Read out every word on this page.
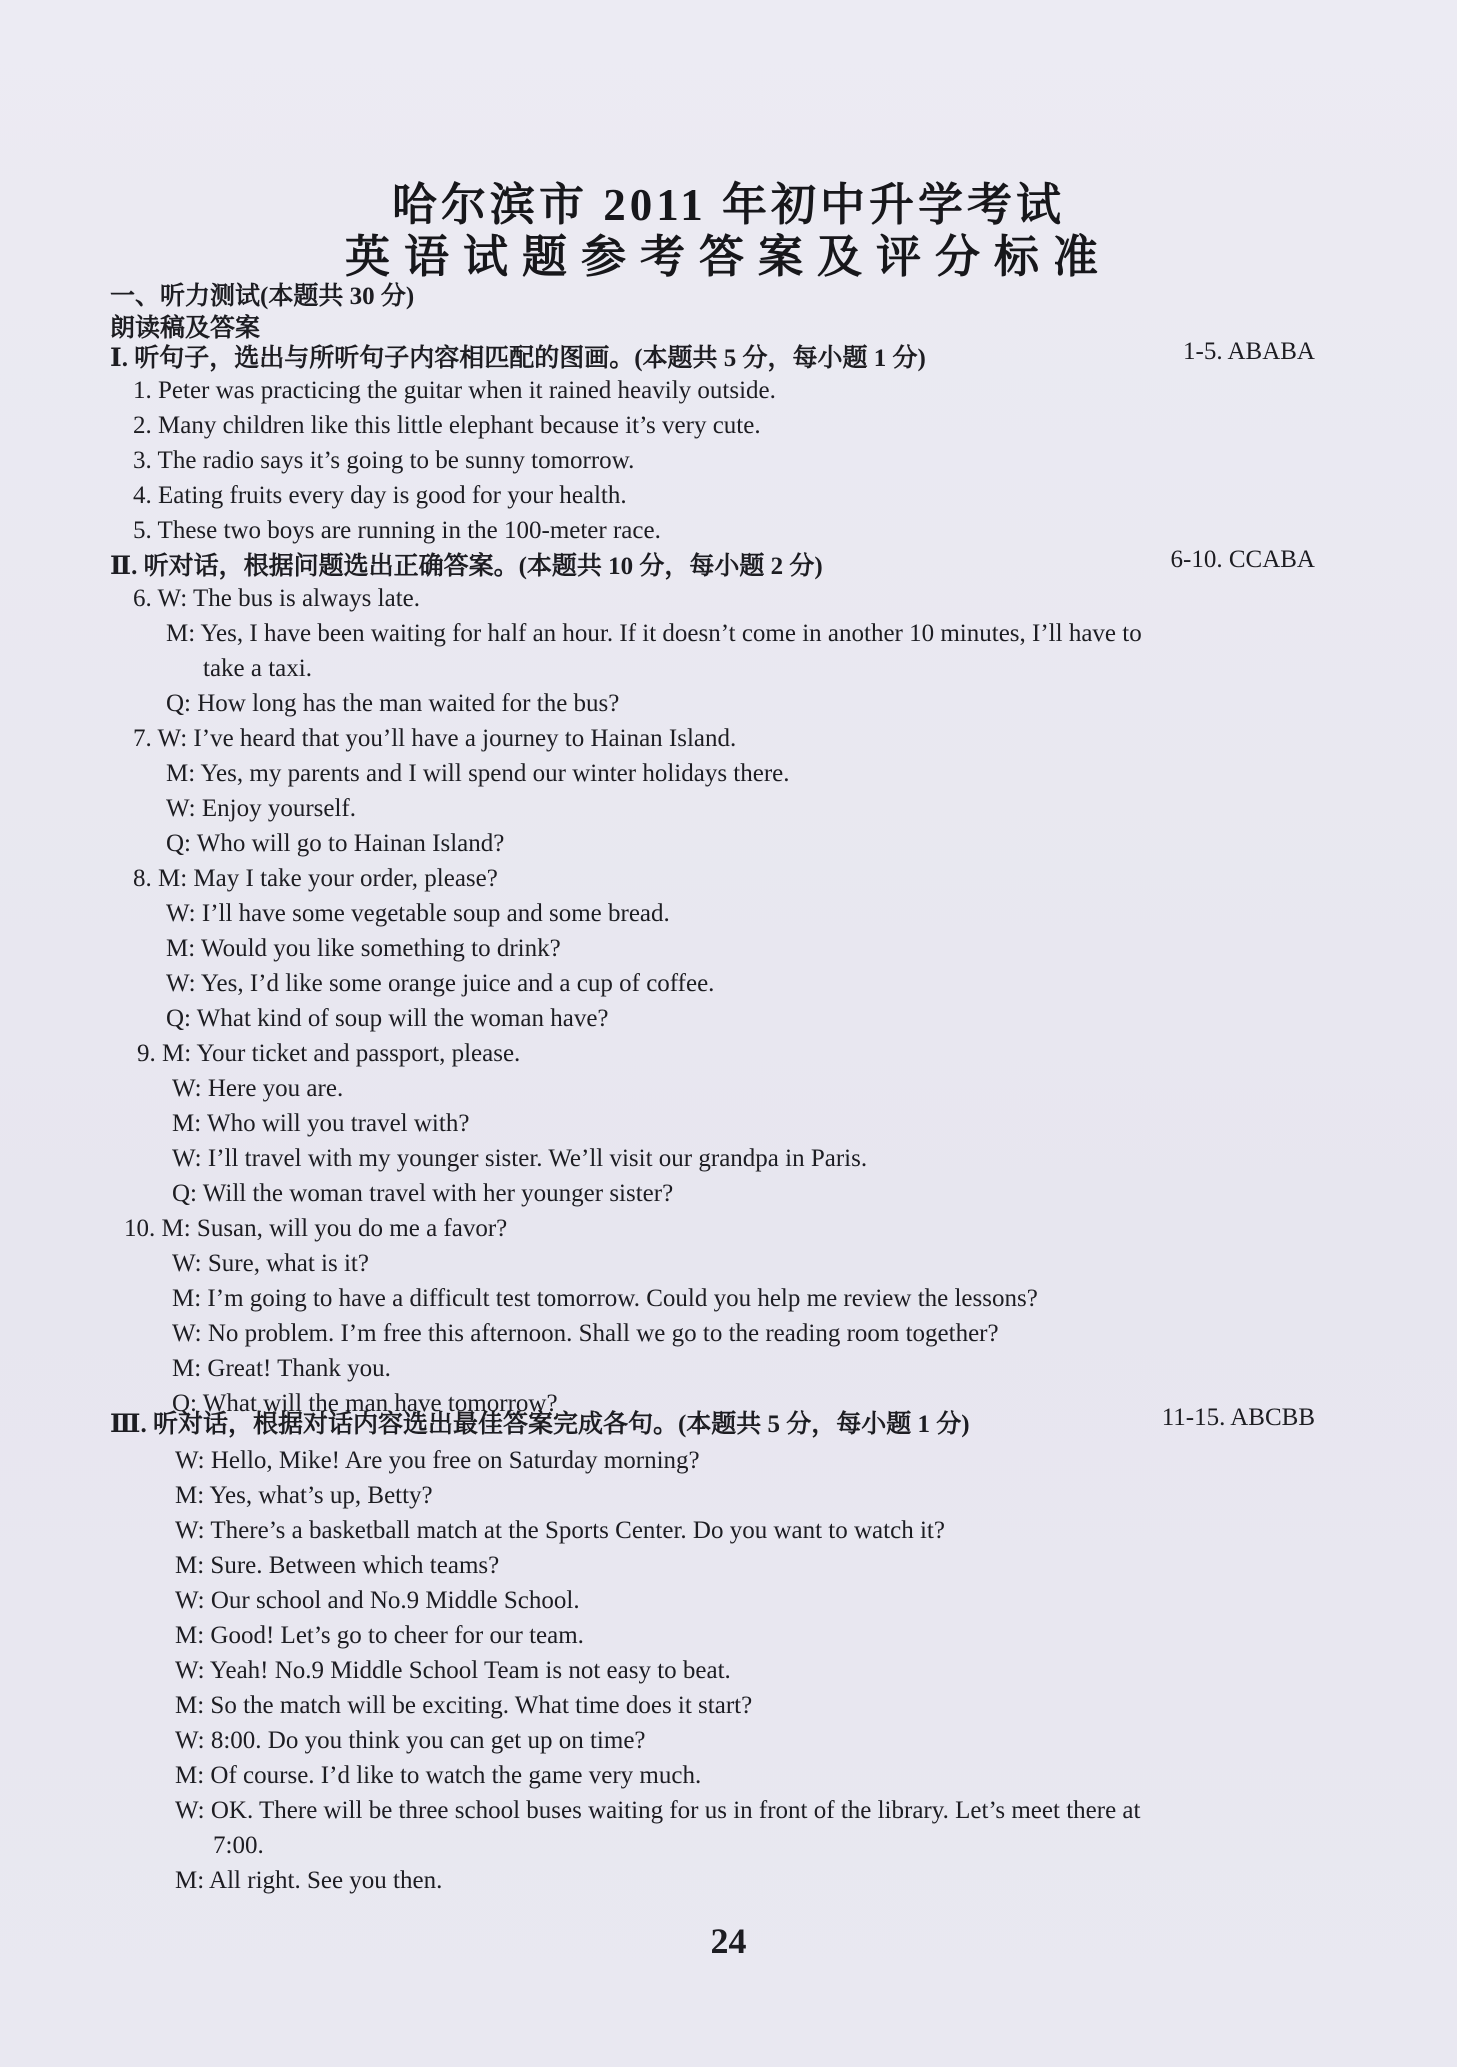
哈尔滨市 2011 年初中升学考试
英语试题参考答案及评分标准
一、听力测试(本题共 30 分)
朗读稿及答案
Ⅰ. 听句子，选出与所听句子内容相匹配的图画。(本题共 5 分，每小题 1 分)	1-5. ABABA
1. Peter was practicing the guitar when it rained heavily outside.
2. Many children like this little elephant because it’s very cute.
3. The radio says it’s going to be sunny tomorrow.
4. Eating fruits every day is good for your health.
5. These two boys are running in the 100-meter race.
Ⅱ. 听对话，根据问题选出正确答案。(本题共 10 分，每小题 2 分)	6-10. CCABA
6. W: The bus is always late.
M: Yes, I have been waiting for half an hour. If it doesn’t come in another 10 minutes, I’ll have to
take a taxi.
Q: How long has the man waited for the bus?
7. W: I’ve heard that you’ll have a journey to Hainan Island.
M: Yes, my parents and I will spend our winter holidays there.
W: Enjoy yourself.
Q: Who will go to Hainan Island?
8. M: May I take your order, please?
W: I’ll have some vegetable soup and some bread.
M: Would you like something to drink?
W: Yes, I’d like some orange juice and a cup of coffee.
Q: What kind of soup will the woman have?
9. M: Your ticket and passport, please.
W: Here you are.
M: Who will you travel with?
W: I’ll travel with my younger sister. We’ll visit our grandpa in Paris.
Q: Will the woman travel with her younger sister?
10. M: Susan, will you do me a favor?
W: Sure, what is it?
M: I’m going to have a difficult test tomorrow. Could you help me review the lessons?
W: No problem. I’m free this afternoon. Shall we go to the reading room together?
M: Great! Thank you.
Q: What will the man have tomorrow?
Ⅲ. 听对话，根据对话内容选出最佳答案完成各句。(本题共 5 分，每小题 1 分)	11-15. ABCBB
W: Hello, Mike! Are you free on Saturday morning?
M: Yes, what’s up, Betty?
W: There’s a basketball match at the Sports Center. Do you want to watch it?
M: Sure. Between which teams?
W: Our school and No.9 Middle School.
M: Good! Let’s go to cheer for our team.
W: Yeah! No.9 Middle School Team is not easy to beat.
M: So the match will be exciting. What time does it start?
W: 8:00. Do you think you can get up on time?
M: Of course. I’d like to watch the game very much.
W: OK. There will be three school buses waiting for us in front of the library. Let’s meet there at
7:00.
M: All right. See you then.
24
